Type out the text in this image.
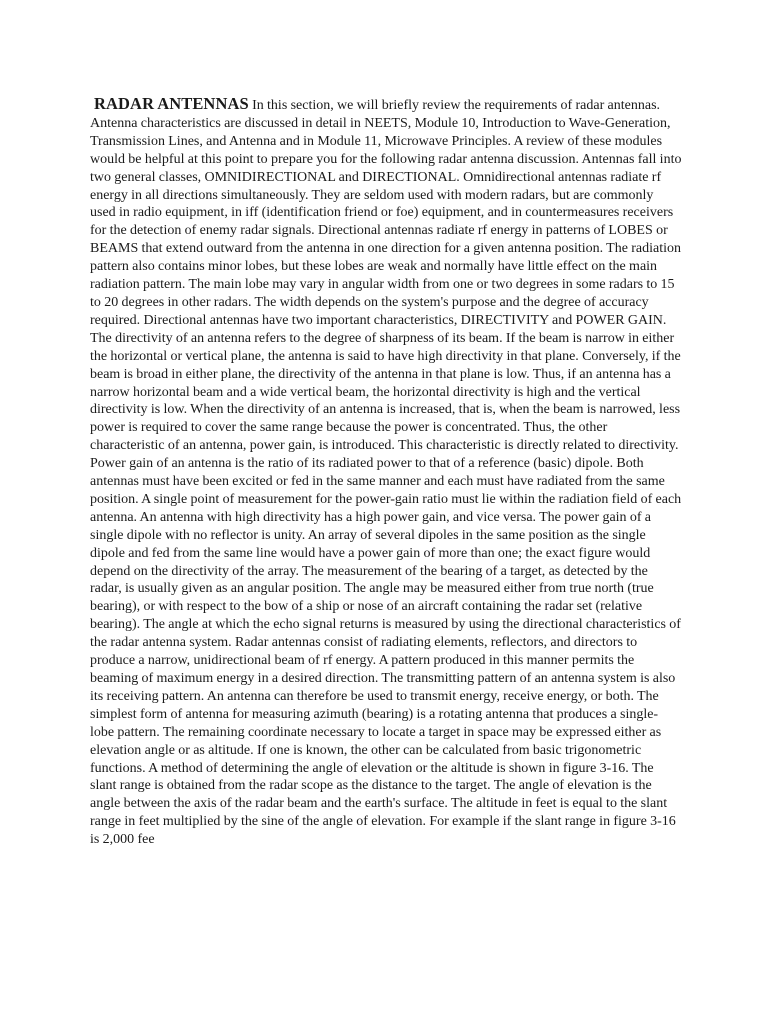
RADAR ANTENNAS In this section, we will briefly review the requirements of radar antennas. Antenna characteristics are discussed in detail in NEETS, Module 10, Introduction to Wave-Generation, Transmission Lines, and Antenna and in Module 11, Microwave Principles. A review of these modules would be helpful at this point to prepare you for the following radar antenna discussion. Antennas fall into two general classes, OMNIDIRECTIONAL and DIRECTIONAL. Omnidirectional antennas radiate rf energy in all directions simultaneously. They are seldom used with modern radars, but are commonly used in radio equipment, in iff (identification friend or foe) equipment, and in countermeasures receivers for the detection of enemy radar signals. Directional antennas radiate rf energy in patterns of LOBES or BEAMS that extend outward from the antenna in one direction for a given antenna position. The radiation pattern also contains minor lobes, but these lobes are weak and normally have little effect on the main radiation pattern. The main lobe may vary in angular width from one or two degrees in some radars to 15 to 20 degrees in other radars. The width depends on the system's purpose and the degree of accuracy required. Directional antennas have two important characteristics, DIRECTIVITY and POWER GAIN. The directivity of an antenna refers to the degree of sharpness of its beam. If the beam is narrow in either the horizontal or vertical plane, the antenna is said to have high directivity in that plane. Conversely, if the beam is broad in either plane, the directivity of the antenna in that plane is low. Thus, if an antenna has a narrow horizontal beam and a wide vertical beam, the horizontal directivity is high and the vertical directivity is low. When the directivity of an antenna is increased, that is, when the beam is narrowed, less power is required to cover the same range because the power is concentrated. Thus, the other characteristic of an antenna, power gain, is introduced. This characteristic is directly related to directivity. Power gain of an antenna is the ratio of its radiated power to that of a reference (basic) dipole. Both antennas must have been excited or fed in the same manner and each must have radiated from the same position. A single point of measurement for the power-gain ratio must lie within the radiation field of each antenna. An antenna with high directivity has a high power gain, and vice versa. The power gain of a single dipole with no reflector is unity. An array of several dipoles in the same position as the single dipole and fed from the same line would have a power gain of more than one; the exact figure would depend on the directivity of the array. The measurement of the bearing of a target, as detected by the radar, is usually given as an angular position. The angle may be measured either from true north (true bearing), or with respect to the bow of a ship or nose of an aircraft containing the radar set (relative bearing). The angle at which the echo signal returns is measured by using the directional characteristics of the radar antenna system. Radar antennas consist of radiating elements, reflectors, and directors to produce a narrow, unidirectional beam of rf energy. A pattern produced in this manner permits the beaming of maximum energy in a desired direction. The transmitting pattern of an antenna system is also its receiving pattern. An antenna can therefore be used to transmit energy, receive energy, or both. The simplest form of antenna for measuring azimuth (bearing) is a rotating antenna that produces a single-lobe pattern. The remaining coordinate necessary to locate a target in space may be expressed either as elevation angle or as altitude. If one is known, the other can be calculated from basic trigonometric functions. A method of determining the angle of elevation or the altitude is shown in figure 3-16. The slant range is obtained from the radar scope as the distance to the target. The angle of elevation is the angle between the axis of the radar beam and the earth's surface. The altitude in feet is equal to the slant range in feet multiplied by the sine of the angle of elevation. For example if the slant range in figure 3-16 is 2,000 fee
